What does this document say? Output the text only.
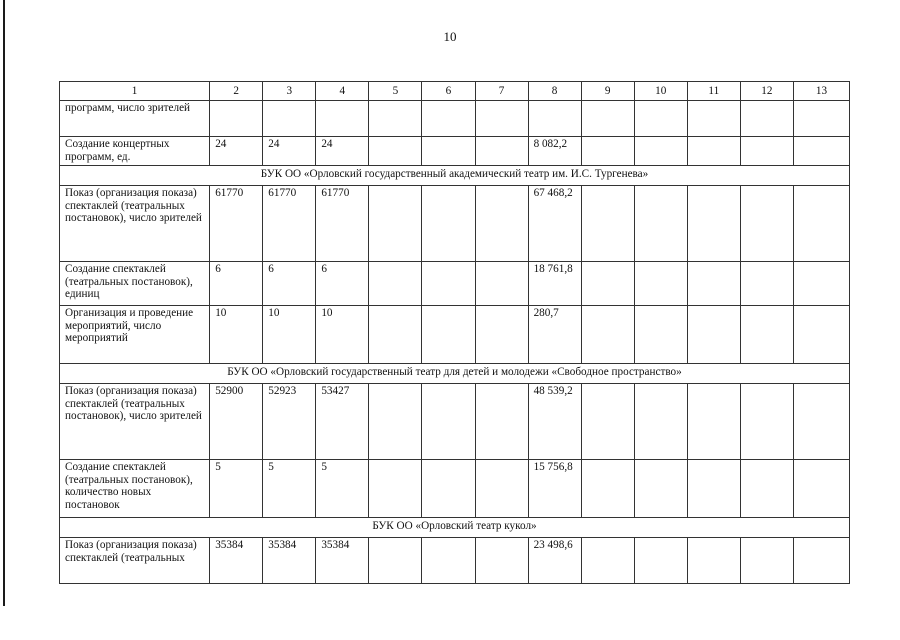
10
1	2	3	4	5	6	7	8	9	10	11	12	13
программ, число зрителей												
Создание концертных программ, ед.	24	24	24				8 082,2					
БУК ОО «Орловский государственный академический театр им. И.С. Тургенева»												
Показ (организация показа) спектаклей (театральных постановок), число зрителей	61770	61770	61770				67 468,2					
Создание спектаклей (театральных постановок), единиц	6	6	6				18 761,8					
Организация и проведение мероприятий, число мероприятий	10	10	10				280,7					
БУК ОО «Орловский государственный театр для детей и молодежи «Свободное пространство»												
Показ (организация показа) спектаклей (театральных постановок), число зрителей	52900	52923	53427				48 539,2					
Создание спектаклей (театральных постановок), количество новых постановок	5	5	5				15 756,8					
БУК ОО «Орловский театр кукол»												
Показ (организация показа) спектаклей (театральных	35384	35384	35384				23 498,6					
